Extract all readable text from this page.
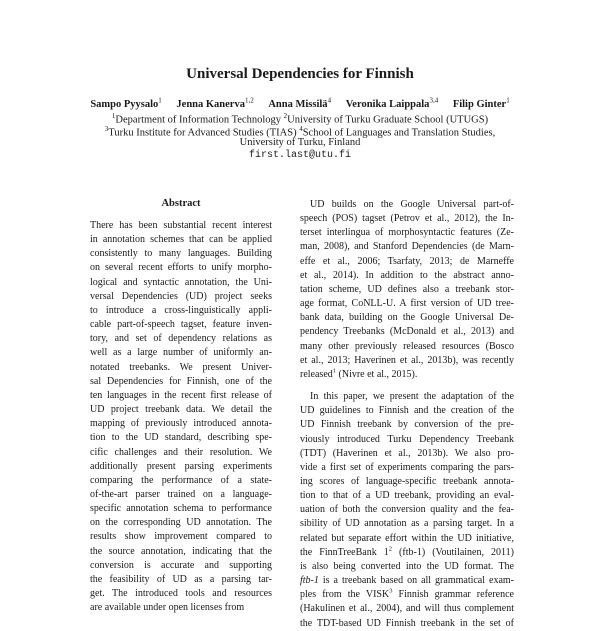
Universal Dependencies for Finnish
Sampo Pyysalo$^1$ Jenna Kanerva$^{1,2}$ Anna Missilä$^4$ Veronika Laippala$^{3,4}$ Filip Ginter$^1$
$^1$Department of Information Technology $^2$University of Turku Graduate School (UTUGS)
$^3$Turku Institute for Advanced Studies (TIAS) $^4$School of Languages and Translation Studies,
University of Turku, Finland
first.last@utu.fi
Abstract
There has been substantial recent interest
in annotation schemes that can be applied
consistently to many languages. Building
on several recent efforts to unify morpho-
logical and syntactic annotation, the Uni-
versal Dependencies (UD) project seeks
to introduce a cross-linguistically appli-
cable part-of-speech tagset, feature inven-
tory, and set of dependency relations as
well as a large number of uniformly an-
notated treebanks. We present Univer-
sal Dependencies for Finnish, one of the
ten languages in the recent first release of
UD project treebank data. We detail the
mapping of previously introduced annota-
tion to the UD standard, describing spe-
cific challenges and their resolution. We
additionally present parsing experiments
comparing the performance of a state-
of-the-art parser trained on a language-
specific annotation schema to performance
on the corresponding UD annotation. The
results show improvement compared to
the source annotation, indicating that the
conversion is accurate and supporting
the feasibility of UD as a parsing tar-
get. The introduced tools and resources
are available under open licenses from
UD builds on the Google Universal part-of-
speech (POS) tagset (Petrov et al., 2012), the In-
terset interlingua of morphosyntactic features (Ze-
man, 2008), and Stanford Dependencies (de Marn-
effe et al., 2006; Tsarfaty, 2013; de Marneffe
et al., 2014). In addition to the abstract anno-
tation scheme, UD defines also a treebank stor-
age format, CoNLL-U. A first version of UD tree-
bank data, building on the Google Universal De-
pendency Treebanks (McDonald et al., 2013) and
many other previously released resources (Bosco
et al., 2013; Haverinen et al., 2013b), was recently
released$^1$ (Nivre et al., 2015).
In this paper, we present the adaptation of the
UD guidelines to Finnish and the creation of the
UD Finnish treebank by conversion of the pre-
viously introduced Turku Dependency Treebank
(TDT) (Haverinen et al., 2013b). We also pro-
vide a first set of experiments comparing the pars-
ing scores of language-specific treebank annota-
tion to that of a UD treebank, providing an eval-
uation of both the conversion quality and the fea-
sibility of UD annotation as a parsing target. In a
related but separate effort within the UD initiative,
the FinnTreeBank $1^2$ (ftb-1) (Voutilainen, 2011)
is also being converted into the UD format. The
ftb-1 is a treebank based on all grammatical exam-
ples from the VISK$^3$ Finnish grammar reference
(Hakulinen et al., 2004), and will thus complement
the TDT-based UD Finnish treebank in the set of
